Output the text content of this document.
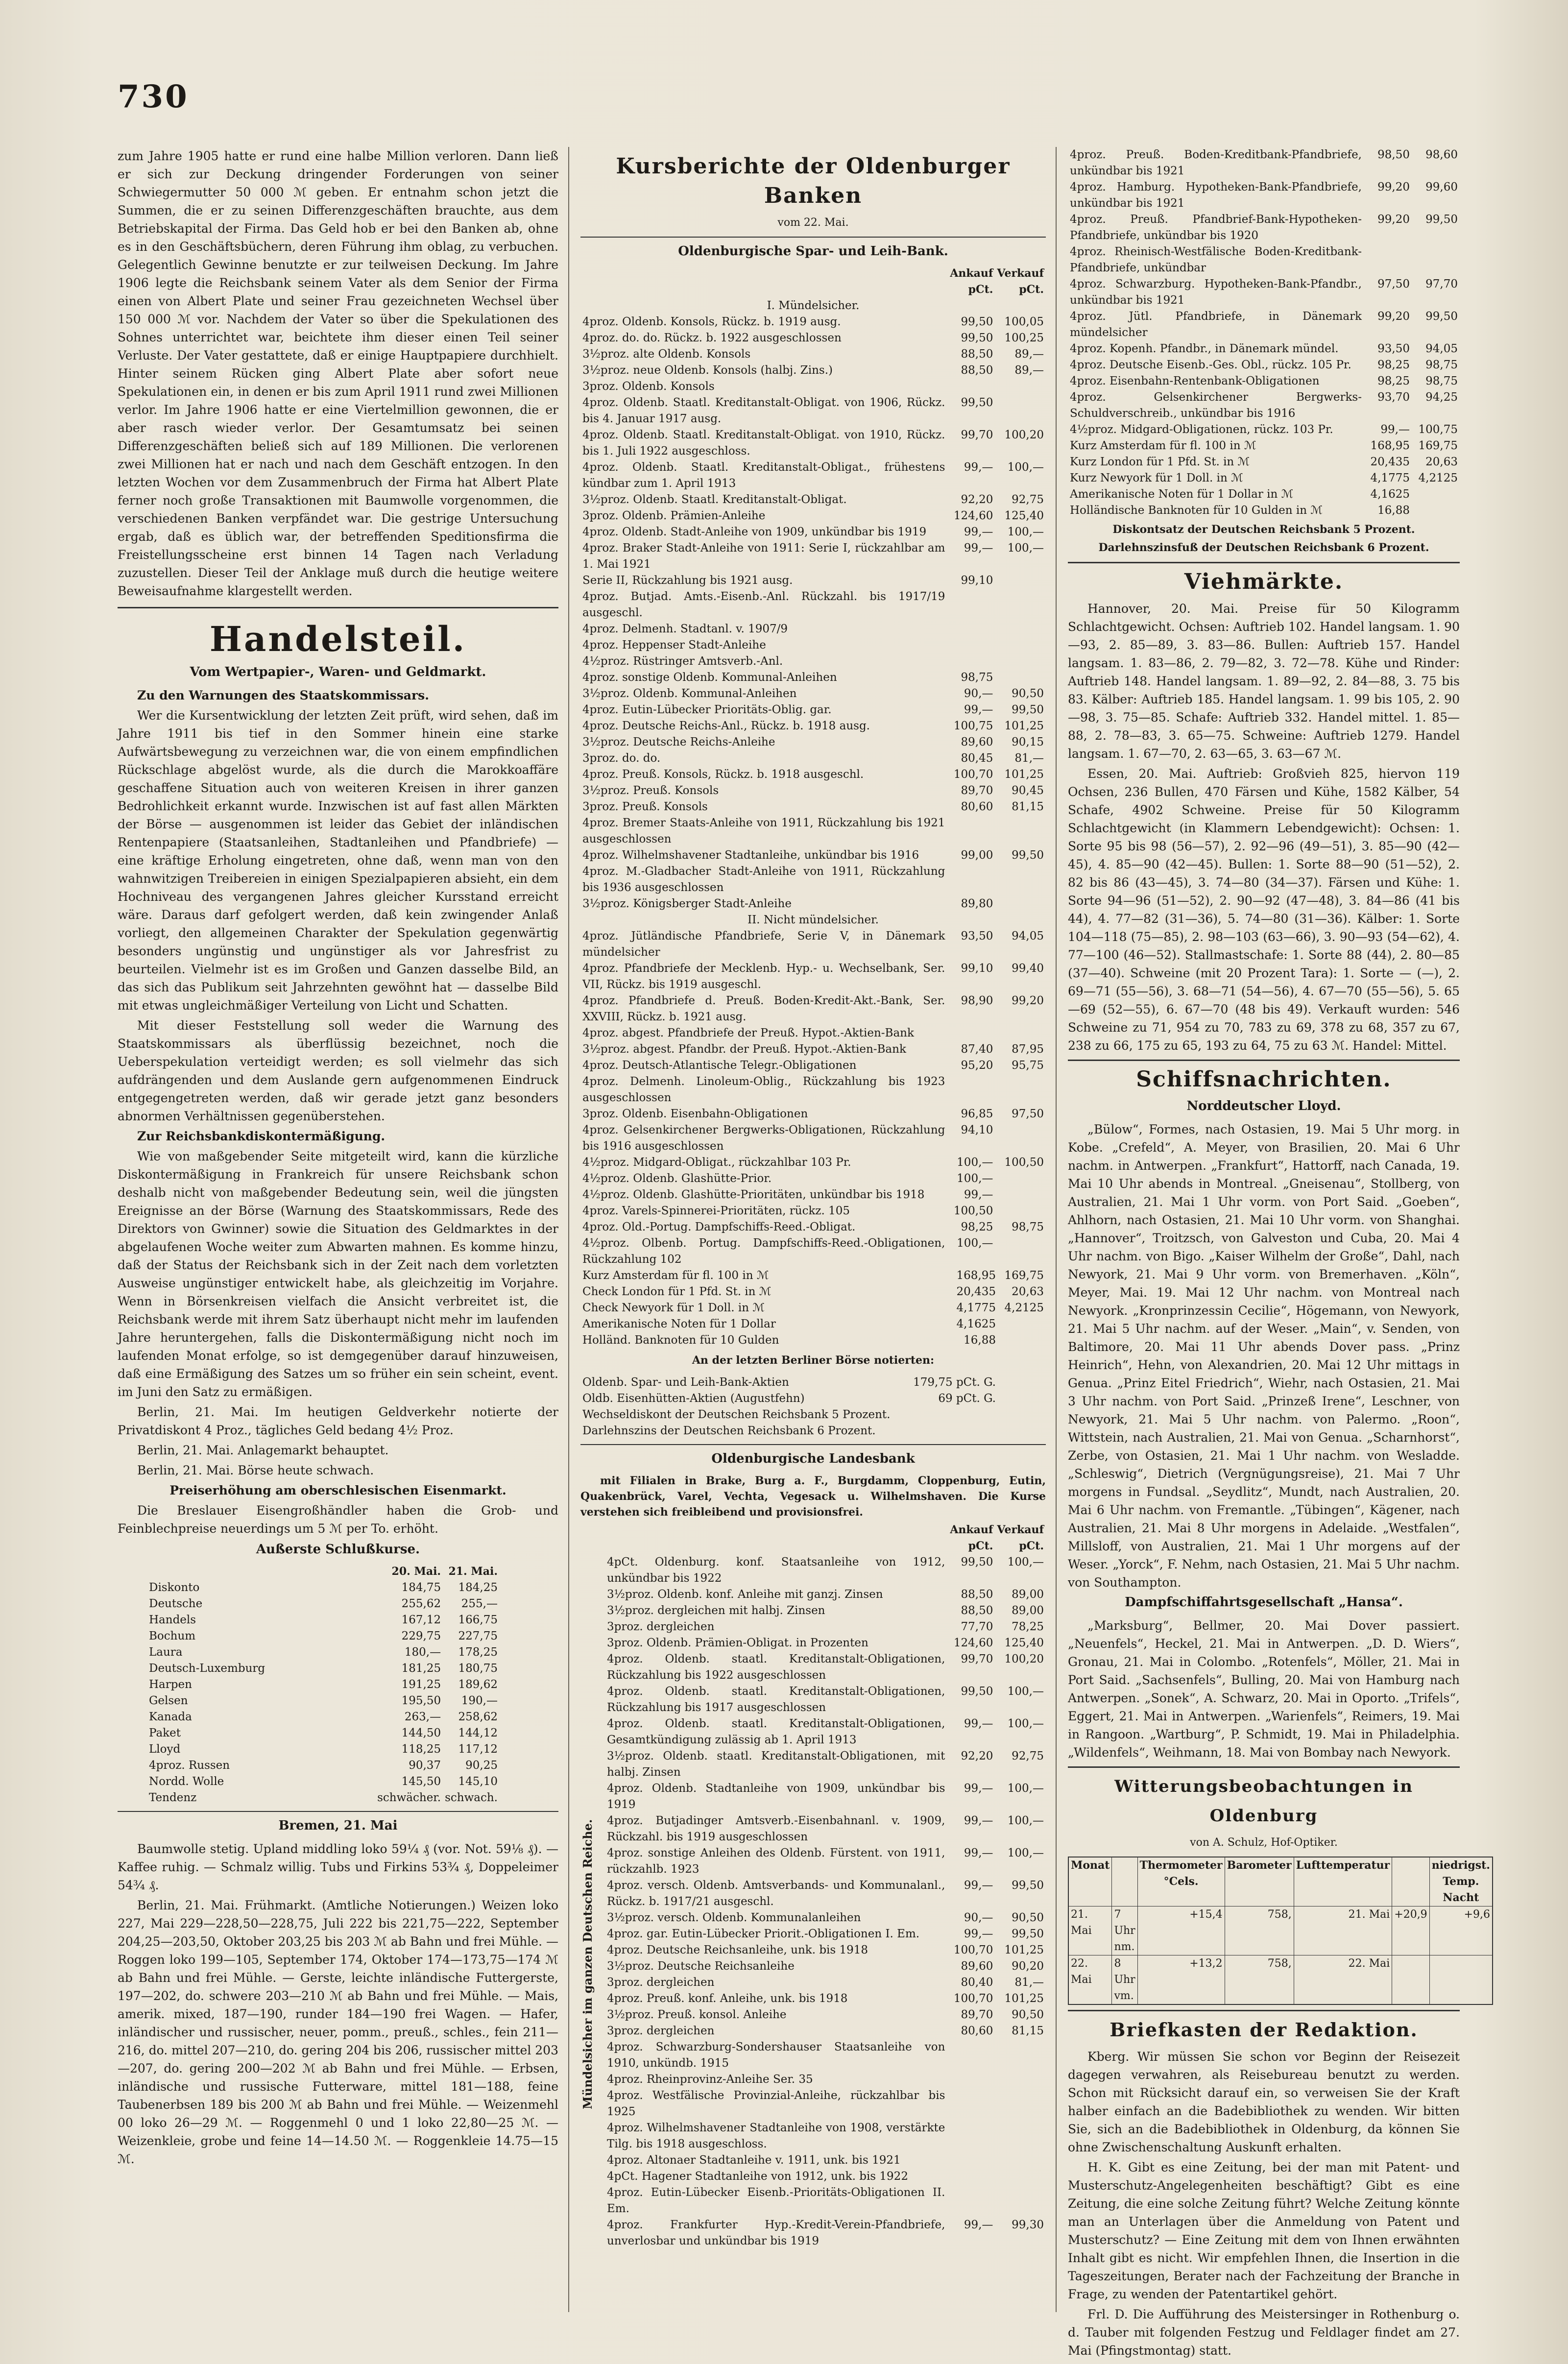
730

zum Jahre 1905 hatte er rund eine halbe Million verloren. Dann ließ er sich zur Deckung dringender Forderungen von seiner Schwiegermutter 50 000 ℳ geben. Er entnahm schon jetzt die Summen, die er zu seinen Differenzgeschäften brauchte, aus dem Betriebskapital der Firma. Das Geld hob er bei den Banken ab, ohne es in den Geschäftsbüchern, deren Führung ihm oblag, zu verbuchen. Gelegentlich Gewinne benutzte er zur teilweisen Deckung. Im Jahre 1906 legte die Reichsbank seinem Vater als dem Senior der Firma einen von Albert Plate und seiner Frau gezeichneten Wechsel über 150 000 ℳ vor. Nachdem der Vater so über die Spekulationen des Sohnes unterrichtet war, beichtete ihm dieser einen Teil seiner Verluste. Der Vater gestattete, daß er einige Hauptpapiere durchhielt. Hinter seinem Rücken ging Albert Plate aber sofort neue Spekulationen ein, in denen er bis zum April 1911 rund zwei Millionen verlor. Im Jahre 1906 hatte er eine Viertelmillion gewonnen, die er aber rasch wieder verlor. Der Gesamtumsatz bei seinen Differenzgeschäften beließ sich auf 189 Millionen. Die verlorenen zwei Millionen hat er nach und nach dem Geschäft entzogen. In den letzten Wochen vor dem Zusammenbruch der Firma hat Albert Plate ferner noch große Transaktionen mit Baumwolle vorgenommen, die verschiedenen Banken verpfändet war. Die gestrige Untersuchung ergab, daß es üblich war, der betreffenden Speditionsfirma die Freistellungsscheine erst binnen 14 Tagen nach Verladung zuzustellen. Dieser Teil der Anklage muß durch die heutige weitere Beweisaufnahme klargestellt werden.

Handelsteil.
Vom Wertpapier-, Waren- und Geldmarkt.

Zu den Warnungen des Staatskommissars.

Wer die Kursentwicklung der letzten Zeit prüft, wird sehen, daß im Jahre 1911 bis tief in den Sommer hinein eine starke Aufwärtsbewegung zu verzeichnen war, die von einem empfindlichen Rückschlage abgelöst wurde, als die durch die Marokkoaffäre geschaffene Situation auch von weiteren Kreisen in ihrer ganzen Bedrohlichkeit erkannt wurde. Inzwischen ist auf fast allen Märkten der Börse — ausgenommen ist leider das Gebiet der inländischen Rentenpapiere (Staatsanleihen, Stadtanleihen und Pfandbriefe) — eine kräftige Erholung eingetreten, ohne daß, wenn man von den wahnwitzigen Treibereien in einigen Spezialpapieren absieht, ein dem Hochniveau des vergangenen Jahres gleicher Kursstand erreicht wäre. Daraus darf gefolgert werden, daß kein zwingender Anlaß vorliegt, den allgemeinen Charakter der Spekulation gegenwärtig besonders ungünstig und ungünstiger als vor Jahresfrist zu beurteilen. Vielmehr ist es im Großen und Ganzen dasselbe Bild, an das sich das Publikum seit Jahrzehnten gewöhnt hat — dasselbe Bild mit etwas ungleichmäßiger Verteilung von Licht und Schatten.

Mit dieser Feststellung soll weder die Warnung des Staatskommissars als überflüssig bezeichnet, noch die Ueberspekulation verteidigt werden; es soll vielmehr das sich aufdrängenden und dem Auslande gern aufgenommenen Eindruck entgegengetreten werden, daß wir gerade jetzt ganz besonders abnormen Verhältnissen gegenüberstehen.

Zur Reichsbankdiskontermäßigung.

Wie von maßgebender Seite mitgeteilt wird, kann die kürzliche Diskontermäßigung in Frankreich für unsere Reichsbank schon deshalb nicht von maßgebender Bedeutung sein, weil die jüngsten Ereignisse an der Börse (Warnung des Staatskommissars, Rede des Direktors von Gwinner) sowie die Situation des Geldmarktes in der abgelaufenen Woche weiter zum Abwarten mahnen. Es komme hinzu, daß der Status der Reichsbank sich in der Zeit nach dem vorletzten Ausweise ungünstiger entwickelt habe, als gleichzeitig im Vorjahre. Wenn in Börsenkreisen vielfach die Ansicht verbreitet ist, die Reichsbank werde mit ihrem Satz überhaupt nicht mehr im laufenden Jahre heruntergehen, falls die Diskontermäßigung nicht noch im laufenden Monat erfolge, so ist demgegenüber darauf hinzuweisen, daß eine Ermäßigung des Satzes um so früher ein sein scheint, event. im Juni den Satz zu ermäßigen.

Berlin, 21. Mai. Im heutigen Geldverkehr notierte der Privatdiskont 4 Proz., tägliches Geld bedang 4½ Proz.

Berlin, 21. Mai. Anlagemarkt behauptet.

Berlin, 21. Mai. Börse heute schwach.

Preiserhöhung am oberschlesischen Eisenmarkt.

Die Breslauer Eisengroßhändler haben die Grob- und Feinblechpreise neuerdings um 5 ℳ per To. erhöht.

Außerste Schlußkurse.
	20. Mai.	21. Mai.
Diskonto	184,75	184,25
Deutsche	255,62	255,—
Handels	167,12	166,75
Bochum	229,75	227,75
Laura	180,—	178,25
Deutsch-Luxemburg	181,25	180,75
Harpen	191,25	189,62
Gelsen	195,50	190,—
Kanada	263,—	258,62
Paket	144,50	144,12
Lloyd	118,25	117,12
4proz. Russen	90,37	90,25
Nordd. Wolle	145,50	145,10
Tendenz	schwächer.	schwach.
Bremen, 21. Mai

Baumwolle stetig. Upland middling loko 59¼ ₰ (vor. Not. 59⅛ ₰). — Kaffee ruhig. — Schmalz willig. Tubs und Firkins 53¾ ₰, Doppeleimer 54¾ ₰.

Berlin, 21. Mai. Frühmarkt. (Amtliche Notierungen.) Weizen loko 227, Mai 229—228,50—228,75, Juli 222 bis 221,75—222, September 204,25—203,50, Oktober 203,25 bis 203 ℳ ab Bahn und frei Mühle. — Roggen loko 199—105, September 174, Oktober 174—173,75—174 ℳ ab Bahn und frei Mühle. — Gerste, leichte inländische Futtergerste, 197—202, do. schwere 203—210 ℳ ab Bahn und frei Mühle. — Mais, amerik. mixed, 187—190, runder 184—190 frei Wagen. — Hafer, inländischer und russischer, neuer, pomm., preuß., schles., fein 211—216, do. mittel 207—210, do. gering 204 bis 206, russischer mittel 203—207, do. gering 200—202 ℳ ab Bahn und frei Mühle. — Erbsen, inländische und russische Futterware, mittel 181—188, feine Taubenerbsen 189 bis 200 ℳ ab Bahn und frei Mühle. — Weizenmehl 00 loko 26—29 ℳ. — Roggenmehl 0 und 1 loko 22,80—25 ℳ. — Weizenkleie, grobe und feine 14—14.50 ℳ. — Roggenkleie 14.75—15 ℳ.

Kursberichte der Oldenburger Banken
vom 22. Mai.
Oldenburgische Spar- und Leih-Bank.
	Ankauf	Verkauf
	pCt.	pCt.
I. Mündelsicher.		
4proz. Oldenb. Konsols, Rückz. b. 1919 ausg.	99,50	100,05
4proz. do. do. Rückz. b. 1922 ausgeschlossen	99,50	100,25
3½proz. alte Oldenb. Konsols	88,50	89,—
3½proz. neue Oldenb. Konsols (halbj. Zins.)	88,50	89,—
3proz. Oldenb. Konsols		
4proz. Oldenb. Staatl. Kreditanstalt-Obligat. von 1906, Rückz. bis 4. Januar 1917 ausg.	99,50	
4proz. Oldenb. Staatl. Kreditanstalt-Obligat. von 1910, Rückz. bis 1. Juli 1922 ausgeschloss.	99,70	100,20
4proz. Oldenb. Staatl. Kreditanstalt-Obligat., frühestens kündbar zum 1. April 1913	99,—	100,—
3½proz. Oldenb. Staatl. Kreditanstalt-Obligat.	92,20	92,75
3proz. Oldenb. Prämien-Anleihe	124,60	125,40
4proz. Oldenb. Stadt-Anleihe von 1909, unkündbar bis 1919	99,—	100,—
4proz. Braker Stadt-Anleihe von 1911: Serie I, rückzahlbar am 1. Mai 1921	99,—	100,—
Serie II, Rückzahlung bis 1921 ausg.	99,10	
4proz. Butjad. Amts.-Eisenb.-Anl. Rückzahl. bis 1917/19 ausgeschl.		
4proz. Delmenh. Stadtanl. v. 1907/9		
4proz. Heppenser Stadt-Anleihe		
4½proz. Rüstringer Amtsverb.-Anl.		
4proz. sonstige Oldenb. Kommunal-Anleihen	98,75	
3½proz. Oldenb. Kommunal-Anleihen	90,—	90,50
4proz. Eutin-Lübecker Prioritäts-Oblig. gar.	99,—	99,50
4proz. Deutsche Reichs-Anl., Rückz. b. 1918 ausg.	100,75	101,25
3½proz. Deutsche Reichs-Anleihe	89,60	90,15
3proz. do. do.	80,45	81,—
4proz. Preuß. Konsols, Rückz. b. 1918 ausgeschl.	100,70	101,25
3½proz. Preuß. Konsols	89,70	90,45
3proz. Preuß. Konsols	80,60	81,15
4proz. Bremer Staats-Anleihe von 1911, Rückzahlung bis 1921 ausgeschlossen		
4proz. Wilhelmshavener Stadtanleihe, unkündbar bis 1916	99,00	99,50
4proz. M.-Gladbacher Stadt-Anleihe von 1911, Rückzahlung bis 1936 ausgeschlossen		
3½proz. Königsberger Stadt-Anleihe	89,80	
II. Nicht mündelsicher.		
4proz. Jütländische Pfandbriefe, Serie V, in Dänemark mündelsicher	93,50	94,05
4proz. Pfandbriefe der Mecklenb. Hyp.- u. Wechselbank, Ser. VII, Rückz. bis 1919 ausgeschl.	99,10	99,40
4proz. Pfandbriefe d. Preuß. Boden-Kredit-Akt.-Bank, Ser. XXVIII, Rückz. b. 1921 ausg.	98,90	99,20
4proz. abgest. Pfandbriefe der Preuß. Hypot.-Aktien-Bank		
3½proz. abgest. Pfandbr. der Preuß. Hypot.-Aktien-Bank	87,40	87,95
4proz. Deutsch-Atlantische Telegr.-Obligationen	95,20	95,75
4proz. Delmenh. Linoleum-Oblig., Rückzahlung bis 1923 ausgeschlossen		
3proz. Oldenb. Eisenbahn-Obligationen	96,85	97,50
4proz. Gelsenkirchener Bergwerks-Obligationen, Rückzahlung bis 1916 ausgeschlossen	94,10	
4½proz. Midgard-Obligat., rückzahlbar 103 Pr.	100,—	100,50
4½proz. Oldenb. Glashütte-Prior.	100,—	
4½proz. Oldenb. Glashütte-Prioritäten, unkündbar bis 1918	99,—	
4proz. Varels-Spinnerei-Prioritäten, rückz. 105	100,50	
4proz. Old.-Portug. Dampfschiffs-Reed.-Obligat.	98,25	98,75
4½proz. Olbenb. Portug. Dampfschiffs-Reed.-Obligationen, Rückzahlung 102	100,—	
Kurz Amsterdam für fl. 100 in ℳ	168,95	169,75
Check London für 1 Pfd. St. in ℳ	20,435	20,63
Check Newyork für 1 Doll. in ℳ	4,1775	4,2125
Amerikanische Noten für 1 Dollar	4,1625	
Holländ. Banknoten für 10 Gulden	16,88	
An der letzten Berliner Börse notierten:
Oldenb. Spar- und Leih-Bank-Aktien	179,75 pCt. G.	
Oldb. Eisenhütten-Aktien (Augustfehn)	69 pCt. G.	
Wechseldiskont der Deutschen Reichsbank 5 Prozent.		
Darlehnszins der Deutschen Reichsbank 6 Prozent.		
Oldenburgische Landesbank

mit Filialen in Brake, Burg a. F., Burgdamm, Cloppenburg, Eutin, Quakenbrück, Varel, Vechta, Vegesack u. Wilhelmshaven. Die Kurse verstehen sich freibleibend und provisionsfrei.

	Ankauf	Verkauf
	pCt.	pCt.
4pCt. Oldenburg. konf. Staatsanleihe von 1912, unkündbar bis 1922	99,50	100,—
3½proz. Oldenb. konf. Anleihe mit ganzj. Zinsen	88,50	89,00
3½proz. dergleichen mit halbj. Zinsen	88,50	89,00
3proz. dergleichen	77,70	78,25
3proz. Oldenb. Prämien-Obligat. in Prozenten	124,60	125,40
4proz. Oldenb. staatl. Kreditanstalt-Obligationen, Rückzahlung bis 1922 ausgeschlossen	99,70	100,20
4proz. Oldenb. staatl. Kreditanstalt-Obligationen, Rückzahlung bis 1917 ausgeschlossen	99,50	100,—
4proz. Oldenb. staatl. Kreditanstalt-Obligationen, Gesamtkündigung zulässig ab 1. April 1913	99,—	100,—
3½proz. Oldenb. staatl. Kreditanstalt-Obligationen, mit halbj. Zinsen	92,20	92,75
4proz. Oldenb. Stadtanleihe von 1909, unkündbar bis 1919	99,—	100,—
4proz. Butjadinger Amtsverb.-Eisenbahnanl. v. 1909, Rückzahl. bis 1919 ausgeschlossen	99,—	100,—
4proz. sonstige Anleihen des Oldenb. Fürstent. von 1911, rückzahlb. 1923	99,—	100,—
4proz. versch. Oldenb. Amtsverbands- und Kommunalanl., Rückz. b. 1917/21 ausgeschl.	99,—	99,50
3½proz. versch. Oldenb. Kommunalanleihen	90,—	90,50
4proz. gar. Eutin-Lübecker Priorit.-Obligationen I. Em.	99,—	99,50
4proz. Deutsche Reichsanleihe, unk. bis 1918	100,70	101,25
3½proz. Deutsche Reichsanleihe	89,60	90,20
3proz. dergleichen	80,40	81,—
4proz. Preuß. konf. Anleihe, unk. bis 1918	100,70	101,25
3½proz. Preuß. konsol. Anleihe	89,70	90,50
3proz. dergleichen	80,60	81,15
4proz. Schwarzburg-Sondershauser Staatsanleihe von 1910, unkündb. 1915		
4proz. Rheinprovinz-Anleihe Ser. 35		
4proz. Westfälische Provinzial-Anleihe, rückzahlbar bis 1925		
4proz. Wilhelmshavener Stadtanleihe von 1908, verstärkte Tilg. bis 1918 ausgeschloss.		
4proz. Altonaer Stadtanleihe v. 1911, unk. bis 1921		
4pCt. Hagener Stadtanleihe von 1912, unk. bis 1922		
4proz. Eutin-Lübecker Eisenb.-Prioritäts-Obligationen II. Em.		
4proz. Frankfurter Hyp.-Kredit-Verein-Pfandbriefe, unverlosbar und unkündbar bis 1919	99,—	99,30
Mündelsicher im ganzen Deutschen Reiche.
4proz. Preuß. Boden-Kreditbank-Pfandbriefe, unkündbar bis 1921	98,50	98,60
4proz. Hamburg. Hypotheken-Bank-Pfandbriefe, unkündbar bis 1921	99,20	99,60
4proz. Preuß. Pfandbrief-Bank-Hypotheken-Pfandbriefe, unkündbar bis 1920	99,20	99,50
4proz. Rheinisch-Westfälische Boden-Kreditbank-Pfandbriefe, unkündbar		
4proz. Schwarzburg. Hypotheken-Bank-Pfandbr., unkündbar bis 1921	97,50	97,70
4proz. Jütl. Pfandbriefe, in Dänemark mündelsicher	99,20	99,50
4proz. Kopenh. Pfandbr., in Dänemark mündel.	93,50	94,05
4proz. Deutsche Eisenb.-Ges. Obl., rückz. 105 Pr.	98,25	98,75
4proz. Eisenbahn-Rentenbank-Obligationen	98,25	98,75
4proz. Gelsenkirchener Bergwerks-Schuldverschreib., unkündbar bis 1916	93,70	94,25
4½proz. Midgard-Obligationen, rückz. 103 Pr.	99,—	100,75
Kurz Amsterdam für fl. 100 in ℳ	168,95	169,75
Kurz London für 1 Pfd. St. in ℳ	20,435	20,63
Kurz Newyork für 1 Doll. in ℳ	4,1775	4,2125
Amerikanische Noten für 1 Dollar in ℳ	4,1625	
Holländische Banknoten für 10 Gulden in ℳ	16,88	
Diskontsatz der Deutschen Reichsbank 5 Prozent.
Darlehnszinsfuß der Deutschen Reichsbank 6 Prozent.
Viehmärkte.

Hannover, 20. Mai. Preise für 50 Kilogramm Schlachtgewicht. Ochsen: Auftrieb 102. Handel langsam. 1. 90—93, 2. 85—89, 3. 83—86. Bullen: Auftrieb 157. Handel langsam. 1. 83—86, 2. 79—82, 3. 72—78. Kühe und Rinder: Auftrieb 148. Handel langsam. 1. 89—92, 2. 84—88, 3. 75 bis 83. Kälber: Auftrieb 185. Handel langsam. 1. 99 bis 105, 2. 90—98, 3. 75—85. Schafe: Auftrieb 332. Handel mittel. 1. 85—88, 2. 78—83, 3. 65—75. Schweine: Auftrieb 1279. Handel langsam. 1. 67—70, 2. 63—65, 3. 63—67 ℳ.

Essen, 20. Mai. Auftrieb: Großvieh 825, hiervon 119 Ochsen, 236 Bullen, 470 Färsen und Kühe, 1582 Kälber, 54 Schafe, 4902 Schweine. Preise für 50 Kilogramm Schlachtgewicht (in Klammern Lebendgewicht): Ochsen: 1. Sorte 95 bis 98 (56—57), 2. 92—96 (49—51), 3. 85—90 (42—45), 4. 85—90 (42—45). Bullen: 1. Sorte 88—90 (51—52), 2. 82 bis 86 (43—45), 3. 74—80 (34—37). Färsen und Kühe: 1. Sorte 94—96 (51—52), 2. 90—92 (47—48), 3. 84—86 (41 bis 44), 4. 77—82 (31—36), 5. 74—80 (31—36). Kälber: 1. Sorte 104—118 (75—85), 2. 98—103 (63—66), 3. 90—93 (54—62), 4. 77—100 (46—52). Stallmastschafe: 1. Sorte 88 (44), 2. 80—85 (37—40). Schweine (mit 20 Prozent Tara): 1. Sorte — (—), 2. 69—71 (55—56), 3. 68—71 (54—56), 4. 67—70 (55—56), 5. 65—69 (52—55), 6. 67—70 (48 bis 49). Verkauft wurden: 546 Schweine zu 71, 954 zu 70, 783 zu 69, 378 zu 68, 357 zu 67, 238 zu 66, 175 zu 65, 193 zu 64, 75 zu 63 ℳ. Handel: Mittel.

Schiffsnachrichten.
Norddeutscher Lloyd.

„Bülow“, Formes, nach Ostasien, 19. Mai 5 Uhr morg. in Kobe. „Crefeld“, A. Meyer, von Brasilien, 20. Mai 6 Uhr nachm. in Antwerpen. „Frankfurt“, Hattorff, nach Canada, 19. Mai 10 Uhr abends in Montreal. „Gneisenau“, Stollberg, von Australien, 21. Mai 1 Uhr vorm. von Port Said. „Goeben“, Ahlhorn, nach Ostasien, 21. Mai 10 Uhr vorm. von Shanghai. „Hannover“, Troitzsch, von Galveston und Cuba, 20. Mai 4 Uhr nachm. von Bigo. „Kaiser Wilhelm der Große“, Dahl, nach Newyork, 21. Mai 9 Uhr vorm. von Bremerhaven. „Köln“, Meyer, Mai. 19. Mai 12 Uhr nachm. von Montreal nach Newyork. „Kronprinzessin Cecilie“, Högemann, von Newyork, 21. Mai 5 Uhr nachm. auf der Weser. „Main“, v. Senden, von Baltimore, 20. Mai 11 Uhr abends Dover pass. „Prinz Heinrich“, Hehn, von Alexandrien, 20. Mai 12 Uhr mittags in Genua. „Prinz Eitel Friedrich“, Wiehr, nach Ostasien, 21. Mai 3 Uhr nachm. von Port Said. „Prinzeß Irene“, Leschner, von Newyork, 21. Mai 5 Uhr nachm. von Palermo. „Roon“, Wittstein, nach Australien, 21. Mai von Genua. „Scharnhorst“, Zerbe, von Ostasien, 21. Mai 1 Uhr nachm. von Wesladde. „Schleswig“, Dietrich (Vergnügungsreise), 21. Mai 7 Uhr morgens in Fundsal. „Seydlitz“, Mundt, nach Australien, 20. Mai 6 Uhr nachm. von Fremantle. „Tübingen“, Kägener, nach Australien, 21. Mai 8 Uhr morgens in Adelaide. „Westfalen“, Millsloff, von Australien, 21. Mai 1 Uhr morgens auf der Weser. „Yorck“, F. Nehm, nach Ostasien, 21. Mai 5 Uhr nachm. von Southampton.

Dampfschiffahrtsgesellschaft „Hansa“.

„Marksburg“, Bellmer, 20. Mai Dover passiert. „Neuenfels“, Heckel, 21. Mai in Antwerpen. „D. D. Wiers“, Gronau, 21. Mai in Colombo. „Rotenfels“, Möller, 21. Mai in Port Said. „Sachsenfels“, Bulling, 20. Mai von Hamburg nach Antwerpen. „Sonek“, A. Schwarz, 20. Mai in Oporto. „Trifels“, Eggert, 21. Mai in Antwerpen. „Warienfels“, Reimers, 19. Mai in Rangoon. „Wartburg“, P. Schmidt, 19. Mai in Philadelphia. „Wildenfels“, Weihmann, 18. Mai von Bombay nach Newyork.

Witterungsbeobachtungen in Oldenburg
von A. Schulz, Hof-Optiker.
Monat		Thermometer °Cels.	Barometer	Lufttemperatur		niedrigst. Temp. Nacht
21. Mai	7 Uhr nm.	+15,4	758,	21. Mai	+20,9	+9,6
22. Mai	8 Uhr vm.	+13,2	758,	22. Mai		
Briefkasten der Redaktion.

Kberg. Wir müssen Sie schon vor Beginn der Reisezeit dagegen verwahren, als Reisebureau benutzt zu werden. Schon mit Rücksicht darauf ein, so verweisen Sie der Kraft halber einfach an die Badebibliothek zu wenden. Wir bitten Sie, sich an die Badebibliothek in Oldenburg, da können Sie ohne Zwischenschaltung Auskunft erhalten.

H. K. Gibt es eine Zeitung, bei der man mit Patent- und Musterschutz-Angelegenheiten beschäftigt? Gibt es eine Zeitung, die eine solche Zeitung führt? Welche Zeitung könnte man an Unterlagen über die Anmeldung von Patent und Musterschutz? — Eine Zeitung mit dem von Ihnen erwähnten Inhalt gibt es nicht. Wir empfehlen Ihnen, die Insertion in die Tageszeitungen, Berater nach der Fachzeitung der Branche in Frage, zu wenden der Patentartikel gehört.

Frl. D. Die Aufführung des Meistersinger in Rothenburg o. d. Tauber mit folgenden Festzug und Feldlager findet am 27. Mai (Pfingstmontag) statt.
